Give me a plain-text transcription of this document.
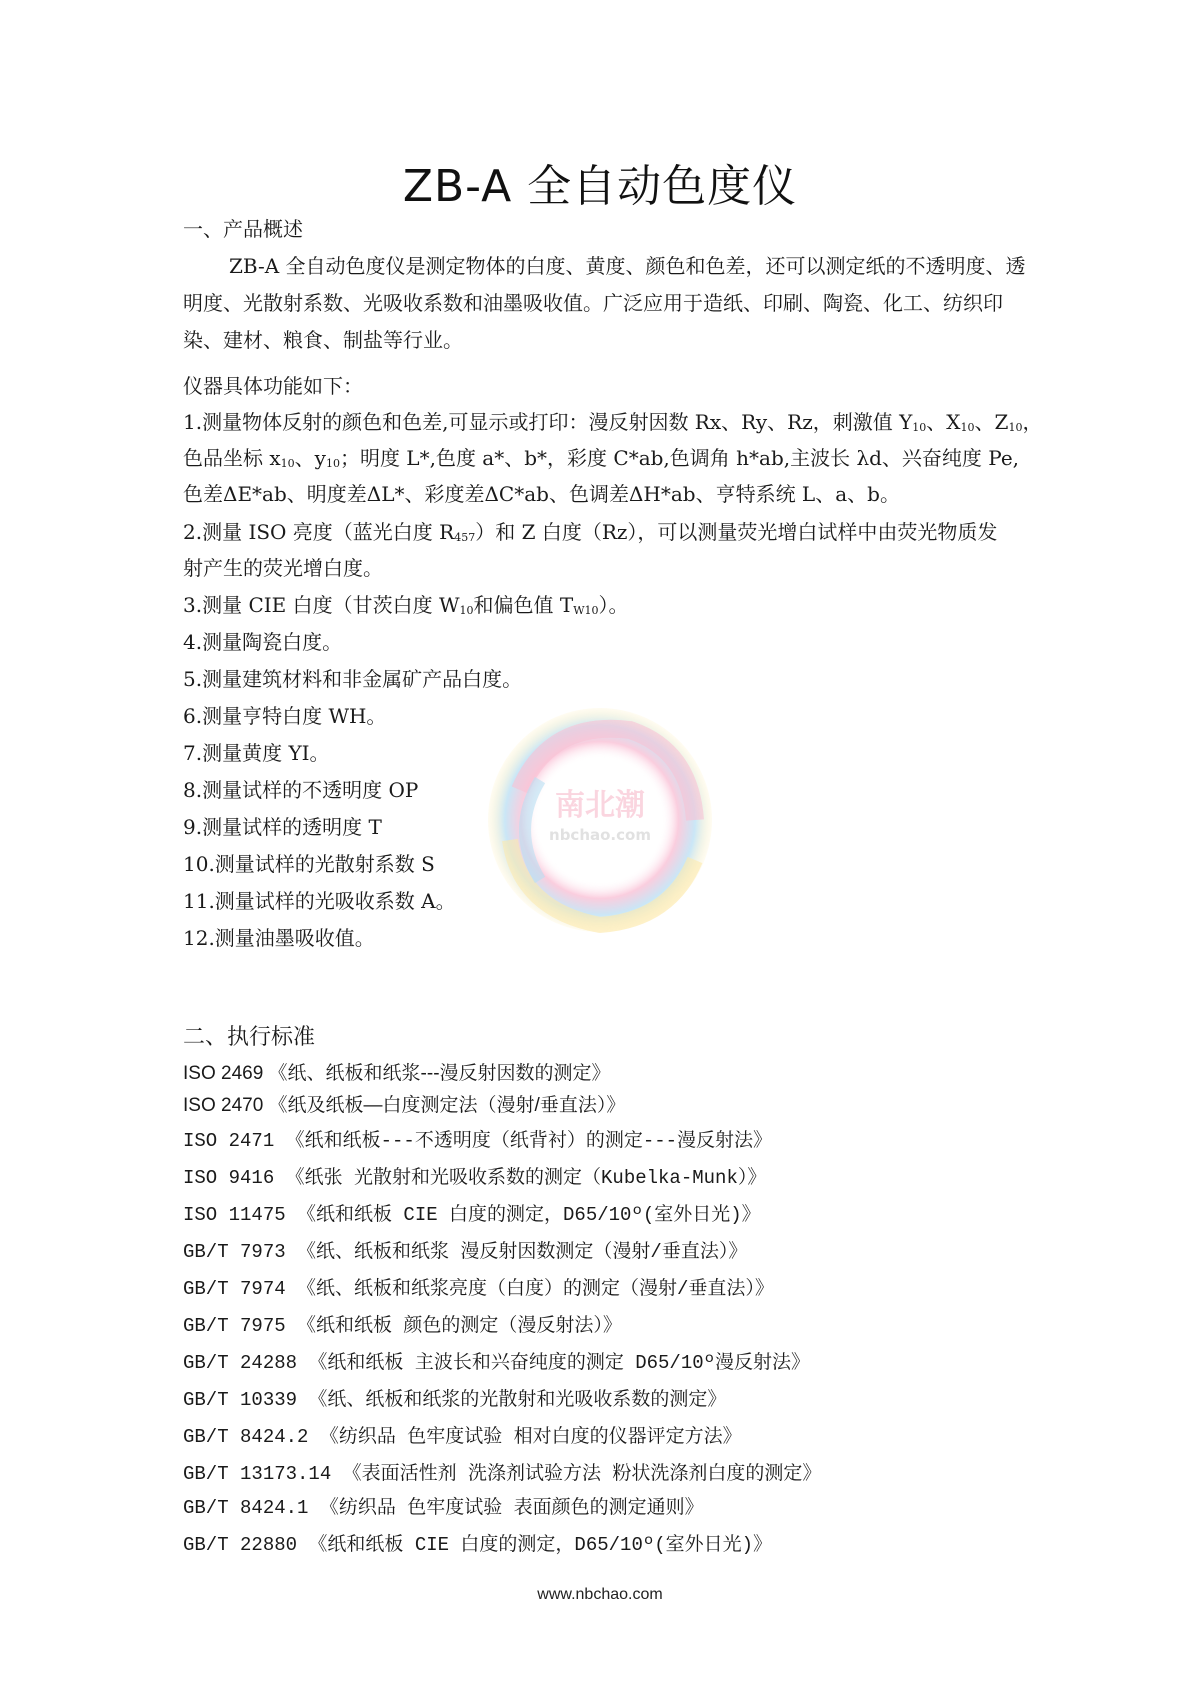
南北潮
nbchao.com
ZB-A 全自动色度仪
一、产品概述
ZB-A 全自动色度仪是测定物体的白度、黄度、颜色和色差，还可以测定纸的不透明度、透明度、光散射系数、光吸收系数和油墨吸收值。广泛应用于造纸、印刷、陶瓷、化工、纺织印染、建材、粮食、制盐等行业。
仪器具体功能如下：
1.测量物体反射的颜色和色差,可显示或打印：漫反射因数 Rx、Ry、Rz，刺激值 $Y_{10}$、$X_{10}$、$Z_{10}$，
色品坐标 $x_{10}$、$y_{10}$；明度 L*,色度 a*、b*，彩度 C*ab,色调角 h*ab,主波长 λd、兴奋纯度 Pe,
色差ΔE*ab、明度差ΔL*、彩度差ΔC*ab、色调差ΔH*ab、亨特系统 L、a、b。
2.测量 ISO 亮度（蓝光白度 $R_{457}$）和 Z 白度（Rz），可以测量荧光增白试样中由荧光物质发
射产生的荧光增白度。
3.测量 CIE 白度（甘茨白度 $W_{10}$和偏色值 $T_{W10}$）。
4.测量陶瓷白度。
5.测量建筑材料和非金属矿产品白度。
6.测量亨特白度 WH。
7.测量黄度 YI。
8.测量试样的不透明度 OP
9.测量试样的透明度 T
10.测量试样的光散射系数 S
11.测量试样的光吸收系数 A。
12.测量油墨吸收值。
二、执行标准
ISO 2469 《纸、纸板和纸浆---漫反射因数的测定》
ISO 2470 《纸及纸板—白度测定法（漫射/垂直法）》
ISO 2471 《纸和纸板---不透明度（纸背衬）的测定---漫反射法》
ISO 9416 《纸张 光散射和光吸收系数的测定（Kubelka-Munk）》
ISO 11475 《纸和纸板 CIE 白度的测定，D65/10º(室外日光)》
GB/T 7973 《纸、纸板和纸浆 漫反射因数测定（漫射/垂直法）》
GB/T 7974 《纸、纸板和纸浆亮度（白度）的测定（漫射/垂直法）》
GB/T 7975 《纸和纸板 颜色的测定（漫反射法）》
GB/T 24288 《纸和纸板 主波长和兴奋纯度的测定 D65/10º漫反射法》
GB/T 10339 《纸、纸板和纸浆的光散射和光吸收系数的测定》
GB/T 8424.2 《纺织品 色牢度试验 相对白度的仪器评定方法》
GB/T 13173.14 《表面活性剂 洗涤剂试验方法 粉状洗涤剂白度的测定》
GB/T 8424.1 《纺织品 色牢度试验 表面颜色的测定通则》
GB/T 22880 《纸和纸板 CIE 白度的测定，D65/10º(室外日光)》
www.nbchao.com
